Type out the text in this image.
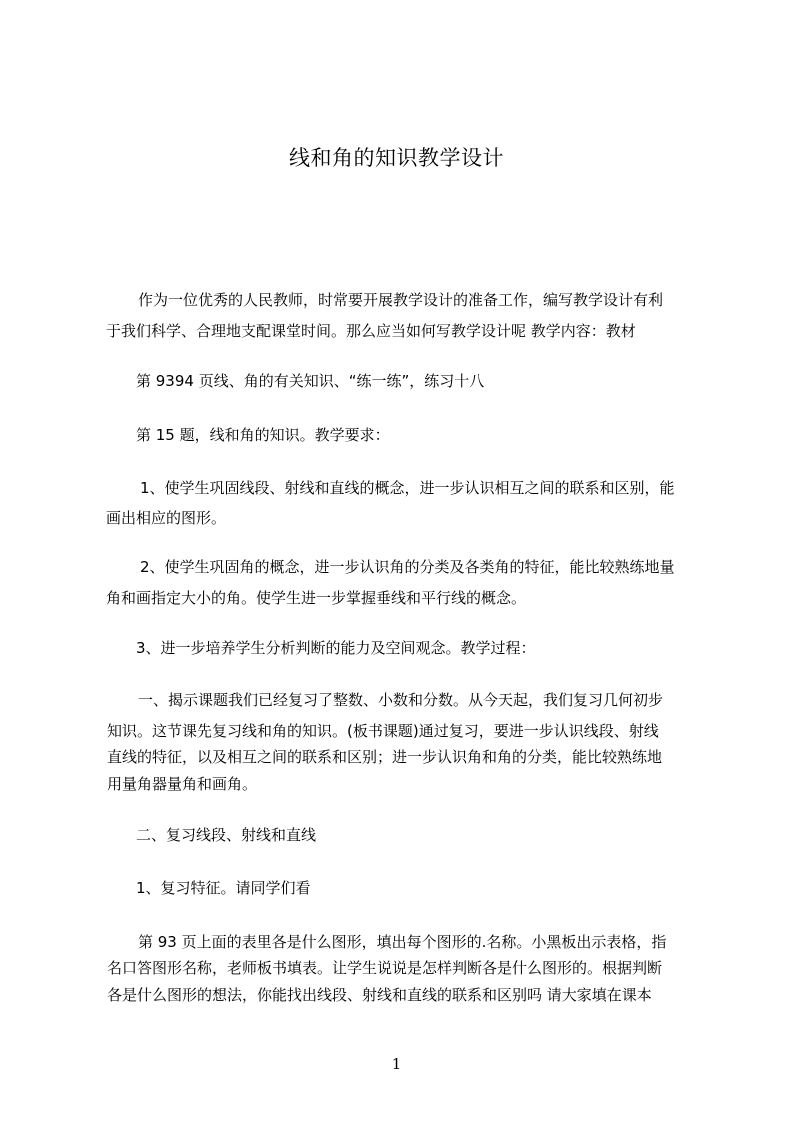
线和角的知识教学设计
作为一位优秀的人民教师，时常要开展教学设计的准备工作，编写教学设计有利
于我们科学、合理地支配课堂时间。那么应当如何写教学设计呢 教学内容：教材
第 9394 页线、角的有关知识、“练一练”，练习十八
第 15 题，线和角的知识。教学要求：
1、使学生巩固线段、射线和直线的概念，进一步认识相互之间的联系和区别，能
画出相应的图形。
2、使学生巩固角的概念，进一步认识角的分类及各类角的特征，能比较熟练地量
角和画指定大小的角。使学生进一步掌握垂线和平行线的概念。
3、进一步培养学生分析判断的能力及空间观念。教学过程：
一、揭示课题我们已经复习了整数、小数和分数。从今天起，我们复习几何初步
知识。这节课先复习线和角的知识。(板书课题)通过复习，要进一步认识线段、射线
直线的特征，以及相互之间的联系和区别；进一步认识角和角的分类，能比较熟练地
用量角器量角和画角。
二、复习线段、射线和直线
1、复习特征。请同学们看
第 93 页上面的表里各是什么图形，填出每个图形的.名称。小黑板出示表格，指
名口答图形名称，老师板书填表。让学生说说是怎样判断各是什么图形的。根据判断
各是什么图形的想法，你能找出线段、射线和直线的联系和区别吗 请大家填在课本
1
